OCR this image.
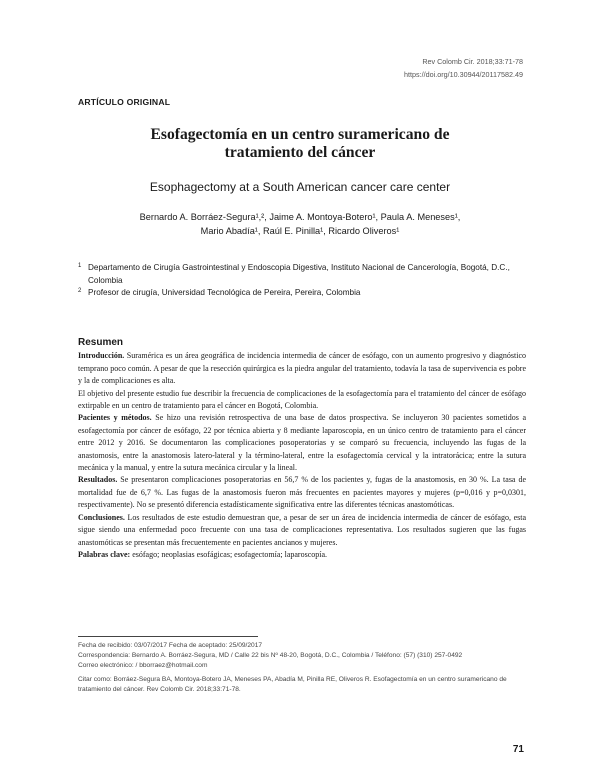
Rev Colomb Cir. 2018;33:71-78
https://doi.org/10.30944/20117582.49
ARTÍCULO ORIGINAL
Esofagectomía en un centro suramericano de
tratamiento del cáncer
Esophagectomy at a South American cancer care center
Bernardo A. Borráez-Segura¹,², Jaime A. Montoya-Botero¹, Paula A. Meneses¹,
Mario Abadía¹, Raúl E. Pinilla¹, Ricardo Oliveros¹
1 Departamento de Cirugía Gastrointestinal y Endoscopia Digestiva, Instituto Nacional de Cancerología, Bogotá, D.C., Colombia
2 Profesor de cirugía, Universidad Tecnológica de Pereira, Pereira, Colombia
Resumen

Introducción. Suramérica es un área geográfica de incidencia intermedia de cáncer de esófago, con un aumento progresivo y diagnóstico temprano poco común. A pesar de que la resección quirúrgica es la piedra angular del tratamiento, todavía la tasa de supervivencia es pobre y la de complicaciones es alta.

El objetivo del presente estudio fue describir la frecuencia de complicaciones de la esofagectomía para el tratamiento del cáncer de esófago extirpable en un centro de tratamiento para el cáncer en Bogotá, Colombia.

Pacientes y métodos. Se hizo una revisión retrospectiva de una base de datos prospectiva. Se incluyeron 30 pacientes sometidos a esofagectomía por cáncer de esófago, 22 por técnica abierta y 8 mediante laparoscopia, en un único centro de tratamiento para el cáncer entre 2012 y 2016. Se documentaron las complicaciones posoperatorias y se comparó su frecuencia, incluyendo las fugas de la anastomosis, entre la anastomosis latero-lateral y la término-lateral, entre la esofagectomía cervical y la intratorácica; entre la sutura mecánica y la manual, y entre la sutura mecánica circular y la lineal.

Resultados. Se presentaron complicaciones posoperatorias en 56,7 % de los pacientes y, fugas de la anastomosis, en 30 %. La tasa de mortalidad fue de 6,7 %. Las fugas de la anastomosis fueron más frecuentes en pacientes mayores y mujeres (p=0,016 y p=0,0301, respectivamente). No se presentó diferencia estadísticamente significativa entre las diferentes técnicas anastomóticas.

Conclusiones. Los resultados de este estudio demuestran que, a pesar de ser un área de incidencia intermedia de cáncer de esófago, esta sigue siendo una enfermedad poco frecuente con una tasa de complicaciones representativa. Los resultados sugieren que las fugas anastomóticas se presentan más frecuentemente en pacientes ancianos y mujeres.

Palabras clave: esófago; neoplasias esofágicas; esofagectomía; laparoscopía.

Fecha de recibido: 03/07/2017 Fecha de aceptado: 25/09/2017

Correspondencia: Bernardo A. Borráez-Segura, MD / Calle 22 bis Nº 48-20, Bogotá, D.C., Colombia / Teléfono: (57) (310) 257-0492

Correo electrónico: / bborraez@hotmail.com

Citar como: Borráez-Segura BA, Montoya-Botero JA, Meneses PA, Abadía M, Pinilla RE, Oliveros R. Esofagectomía en un centro suramericano de tratamiento del cáncer. Rev Colomb Cir. 2018;33:71-78.

71
